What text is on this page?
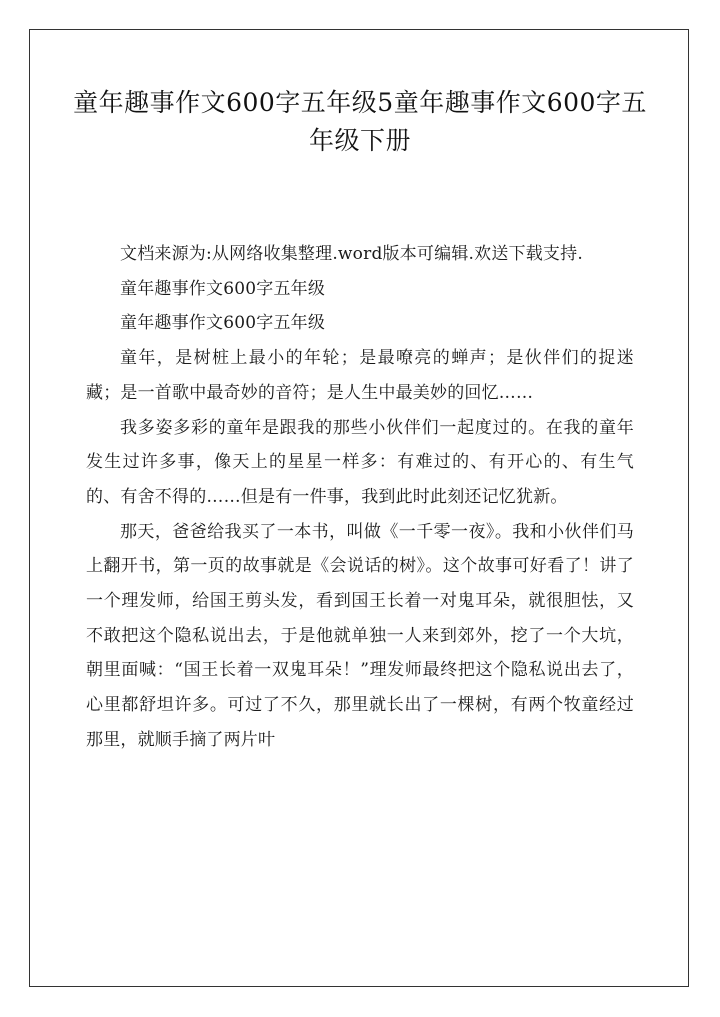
童年趣事作文600字五年级5童年趣事作文600字五年级下册

文档来源为:从网络收集整理.word版本可编辑.欢送下载支持.

童年趣事作文600字五年级

童年趣事作文600字五年级

童年，是树桩上最小的年轮；是最嘹亮的蝉声；是伙伴们的捉迷藏；是一首歌中最奇妙的音符；是人生中最美妙的回忆……

我多姿多彩的童年是跟我的那些小伙伴们一起度过的。在我的童年发生过许多事，像天上的星星一样多：有难过的、有开心的、有生气的、有舍不得的……但是有一件事，我到此时此刻还记忆犹新。

那天，爸爸给我买了一本书，叫做《一千零一夜》。我和小伙伴们马上翻开书，第一页的故事就是《会说话的树》。这个故事可好看了！讲了一个理发师，给国王剪头发，看到国王长着一对鬼耳朵，就很胆怯，又不敢把这个隐私说出去，于是他就单独一人来到郊外，挖了一个大坑，朝里面喊：“国王长着一双鬼耳朵！”理发师最终把这个隐私说出去了，心里都舒坦许多。可过了不久，那里就长出了一棵树，有两个牧童经过那里，就顺手摘了两片叶
